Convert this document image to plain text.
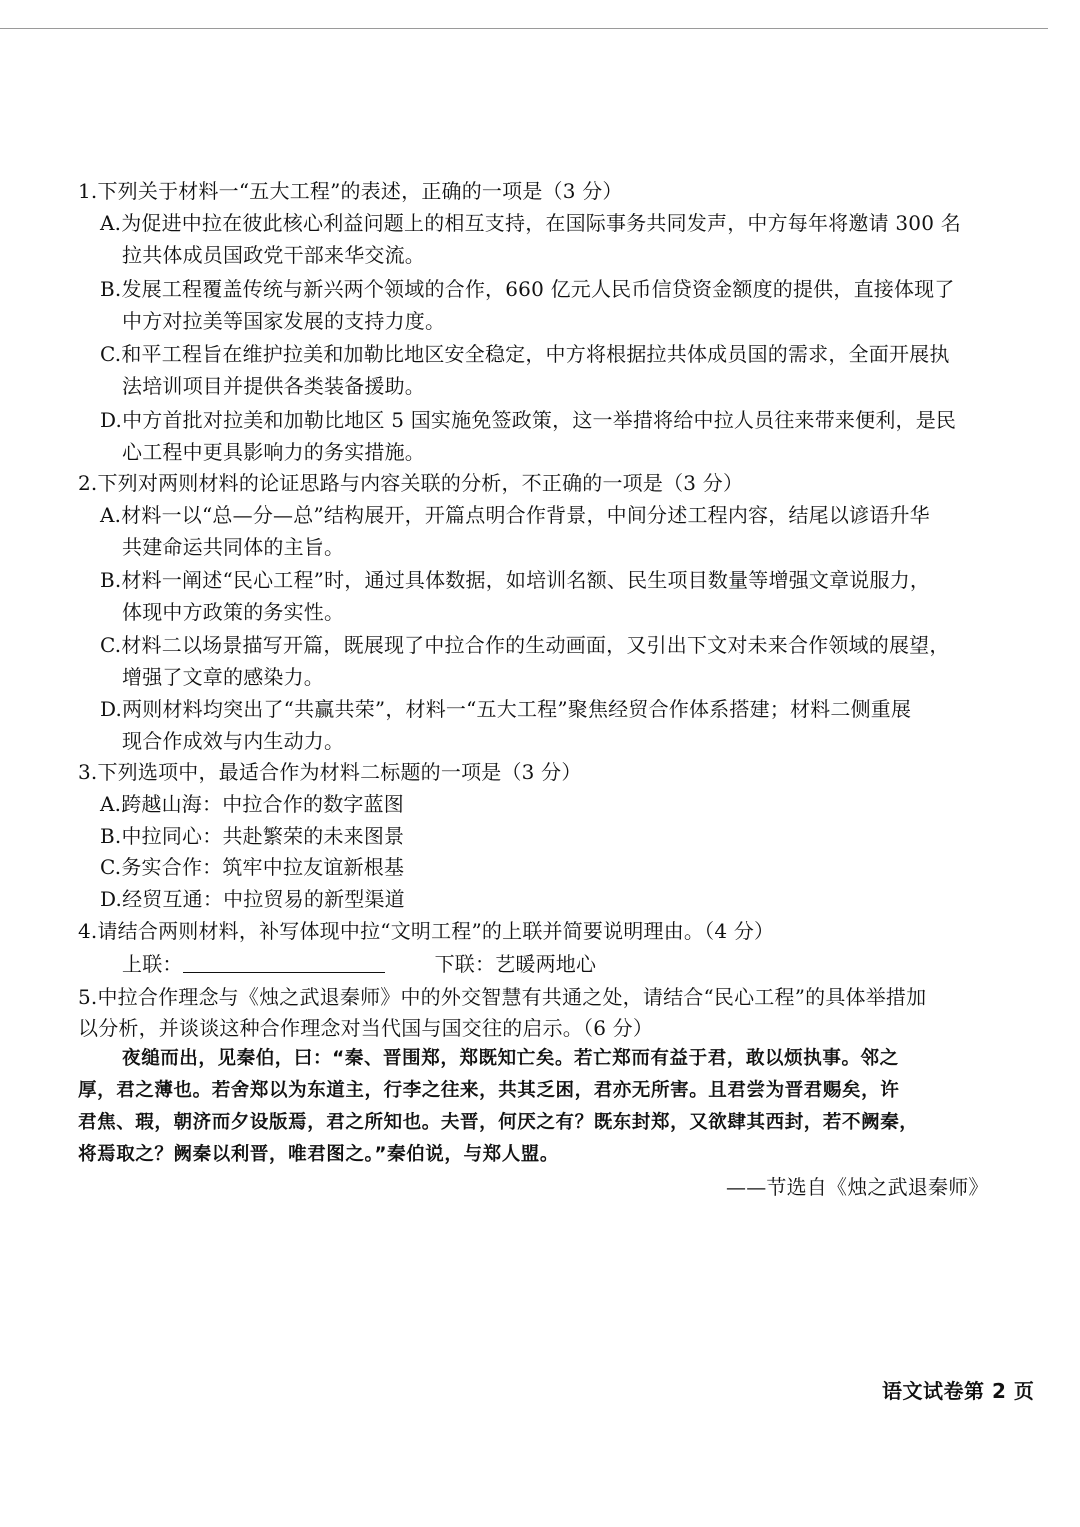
1.下列关于材料一“五大工程”的表述，正确的一项是（3 分）
A.为促进中拉在彼此核心利益问题上的相互支持，在国际事务共同发声，中方每年将邀请 300 名
拉共体成员国政党干部来华交流。
B.发展工程覆盖传统与新兴两个领域的合作，660 亿元人民币信贷资金额度的提供，直接体现了
中方对拉美等国家发展的支持力度。
C.和平工程旨在维护拉美和加勒比地区安全稳定，中方将根据拉共体成员国的需求，全面开展执
法培训项目并提供各类装备援助。
D.中方首批对拉美和加勒比地区 5 国实施免签政策，这一举措将给中拉人员往来带来便利，是民
心工程中更具影响力的务实措施。
2.下列对两则材料的论证思路与内容关联的分析，不正确的一项是（3 分）
A.材料一以“总—分—总”结构展开，开篇点明合作背景，中间分述工程内容，结尾以谚语升华
共建命运共同体的主旨。
B.材料一阐述“民心工程”时，通过具体数据，如培训名额、民生项目数量等增强文章说服力，
体现中方政策的务实性。
C.材料二以场景描写开篇，既展现了中拉合作的生动画面，又引出下文对未来合作领域的展望，
增强了文章的感染力。
D.两则材料均突出了“共赢共荣”，材料一“五大工程”聚焦经贸合作体系搭建；材料二侧重展
现合作成效与内生动力。
3.下列选项中，最适合作为材料二标题的一项是（3 分）
A.跨越山海：中拉合作的数字蓝图
B.中拉同心：共赴繁荣的未来图景
C.务实合作：筑牢中拉友谊新根基
D.经贸互通：中拉贸易的新型渠道
4.请结合两则材料，补写体现中拉“文明工程”的上联并简要说明理由。（4 分）
上联：	下联：艺暖两地心
5.中拉合作理念与《烛之武退秦师》中的外交智慧有共通之处，请结合“民心工程”的具体举措加
以分析，并谈谈这种合作理念对当代国与国交往的启示。（6 分）
夜缒而出，见秦伯，曰：“秦、晋围郑，郑既知亡矣。若亡郑而有益于君，敢以烦执事。邻之
厚，君之薄也。若舍郑以为东道主，行李之往来，共其乏困，君亦无所害。且君尝为晋君赐矣，许
君焦、瑕，朝济而夕设版焉，君之所知也。夫晋，何厌之有？既东封郑，又欲肆其西封，若不阙秦，
将焉取之？阙秦以利晋，唯君图之。”秦伯说，与郑人盟。
——节选自《烛之武退秦师》
语文试卷第 2 页
